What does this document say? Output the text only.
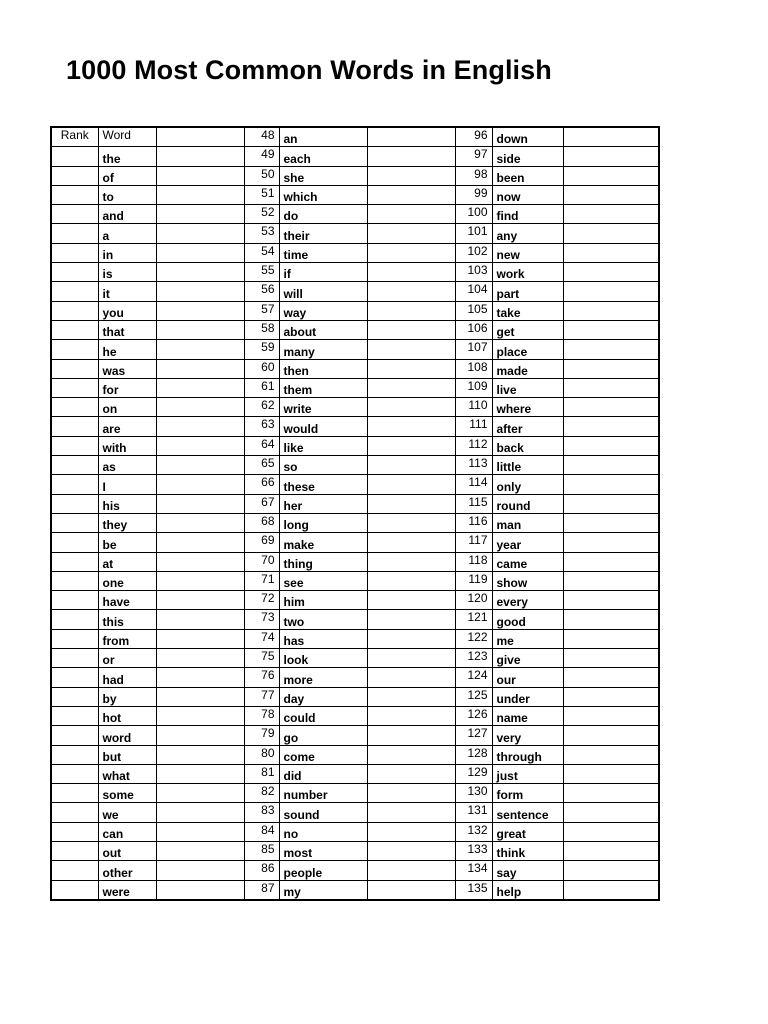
1000 Most Common Words in English
Rank	Word		48	an		96	down	
	the		49	each		97	side	
	of		50	she		98	been	
	to		51	which		99	now	
	and		52	do		100	find	
	a		53	their		101	any	
	in		54	time		102	new	
	is		55	if		103	work	
	it		56	will		104	part	
	you		57	way		105	take	
	that		58	about		106	get	
	he		59	many		107	place	
	was		60	then		108	made	
	for		61	them		109	live	
	on		62	write		110	where	
	are		63	would		111	after	
	with		64	like		112	back	
	as		65	so		113	little	
	I		66	these		114	only	
	his		67	her		115	round	
	they		68	long		116	man	
	be		69	make		117	year	
	at		70	thing		118	came	
	one		71	see		119	show	
	have		72	him		120	every	
	this		73	two		121	good	
	from		74	has		122	me	
	or		75	look		123	give	
	had		76	more		124	our	
	by		77	day		125	under	
	hot		78	could		126	name	
	word		79	go		127	very	
	but		80	come		128	through	
	what		81	did		129	just	
	some		82	number		130	form	
	we		83	sound		131	sentence	
	can		84	no		132	great	
	out		85	most		133	think	
	other		86	people		134	say	
	were		87	my		135	help	
